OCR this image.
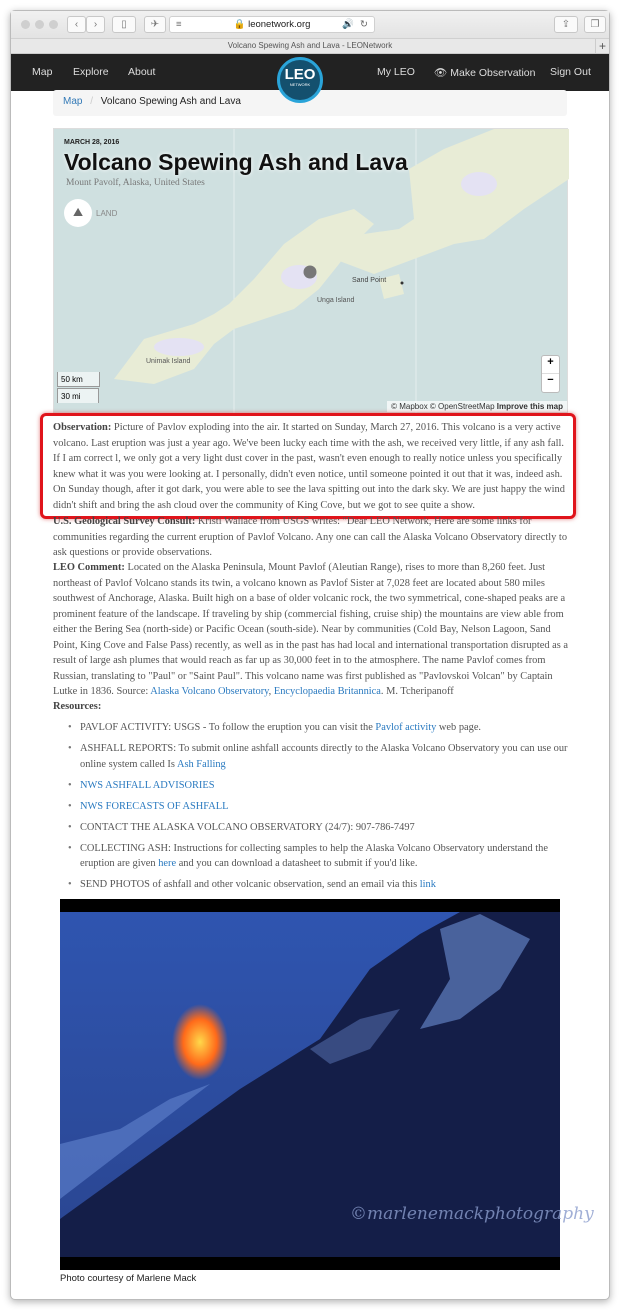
‹	›	▯	✈	≡	🔒 leonetwork.org	🔊 ↻	⇪	❐
Volcano Spewing Ash and Lava - LEONetwork	+
Map Explore About	LEO
NETWORK
My LEO 👁 Make Observation Sign Out
Map / Volcano Spewing Ash and Lava
MARCH 28, 2016
Volcano Spewing Ash and Lava
Mount Pavolf, Alaska, United States
⛰	LAND
Sand Point
Unga Island
Unimak Island
50 km
30 mi
+
−
© Mapbox © OpenStreetMap Improve this map

Observation: Picture of Pavlov exploding into the air. It started on Sunday, March 27, 2016. This volcano is a very active volcano. Last eruption was just a year ago. We've been lucky each time with the ash, we received very little, if any ash fall. If I am correct l, we only got a very light dust cover in the past, wasn't even enough to really notice unless you specifically knew what it was you were looking at. I personally, didn't even notice, until someone pointed it out that it was, indeed ash. On Sunday though, after it got dark, you were able to see the lava spitting out into the dark sky. We are just happy the wind didn't shift and bring the ash cloud over the community of King Cove, but we got to see quite a show.

U.S. Geological Survey Consult: Kristi Wallace from USGS writes: "Dear LEO Network, Here are some links for communities regarding the current eruption of Pavlof Volcano. Any one can call the Alaska Volcano Observatory directly to ask questions or provide observations.

LEO Comment: Located on the Alaska Peninsula, Mount Pavlof (Aleutian Range), rises to more than 8,260 feet. Just northeast of Pavlof Volcano stands its twin, a volcano known as Pavlof Sister at 7,028 feet are located about 580 miles southwest of Anchorage, Alaska. Built high on a base of older volcanic rock, the two symmetrical, cone-shaped peaks are a prominent feature of the landscape. If traveling by ship (commercial fishing, cruise ship) the mountains are view able from either the Bering Sea (north-side) or Pacific Ocean (south-side). Near by communities (Cold Bay, Nelson Lagoon, Sand Point, King Cove and False Pass) recently, as well as in the past has had local and international transportation disrupted as a result of large ash plumes that would reach as far up as 30,000 feet in to the atmosphere. The name Pavlof comes from Russian, translating to "Paul" or "Saint Paul". This volcano name was first published as "Pavlovskoi Volcan" by Captain Lutke in 1836. Source: Alaska Volcano Observatory, Encyclopaedia Britannica. M. Tcheripanoff

Resources:

• PAVLOF ACTIVITY: USGS - To follow the eruption you can visit the Pavlof activity web page.
• ASHFALL REPORTS: To submit online ashfall accounts directly to the Alaska Volcano Observatory you can use our online system called Is Ash Falling
• NWS ASHFALL ADVISORIES
• NWS FORECASTS OF ASHFALL
• CONTACT THE ALASKA VOLCANO OBSERVATORY (24/7): 907-786-7497
• COLLECTING ASH: Instructions for collecting samples to help the Alaska Volcano Observatory understand the eruption are given here and you can download a datasheet to submit if you'd like.
• SEND PHOTOS of ashfall and other volcanic observation, send an email via this link
©marlenemackphotography
Photo courtesy of Marlene Mack
